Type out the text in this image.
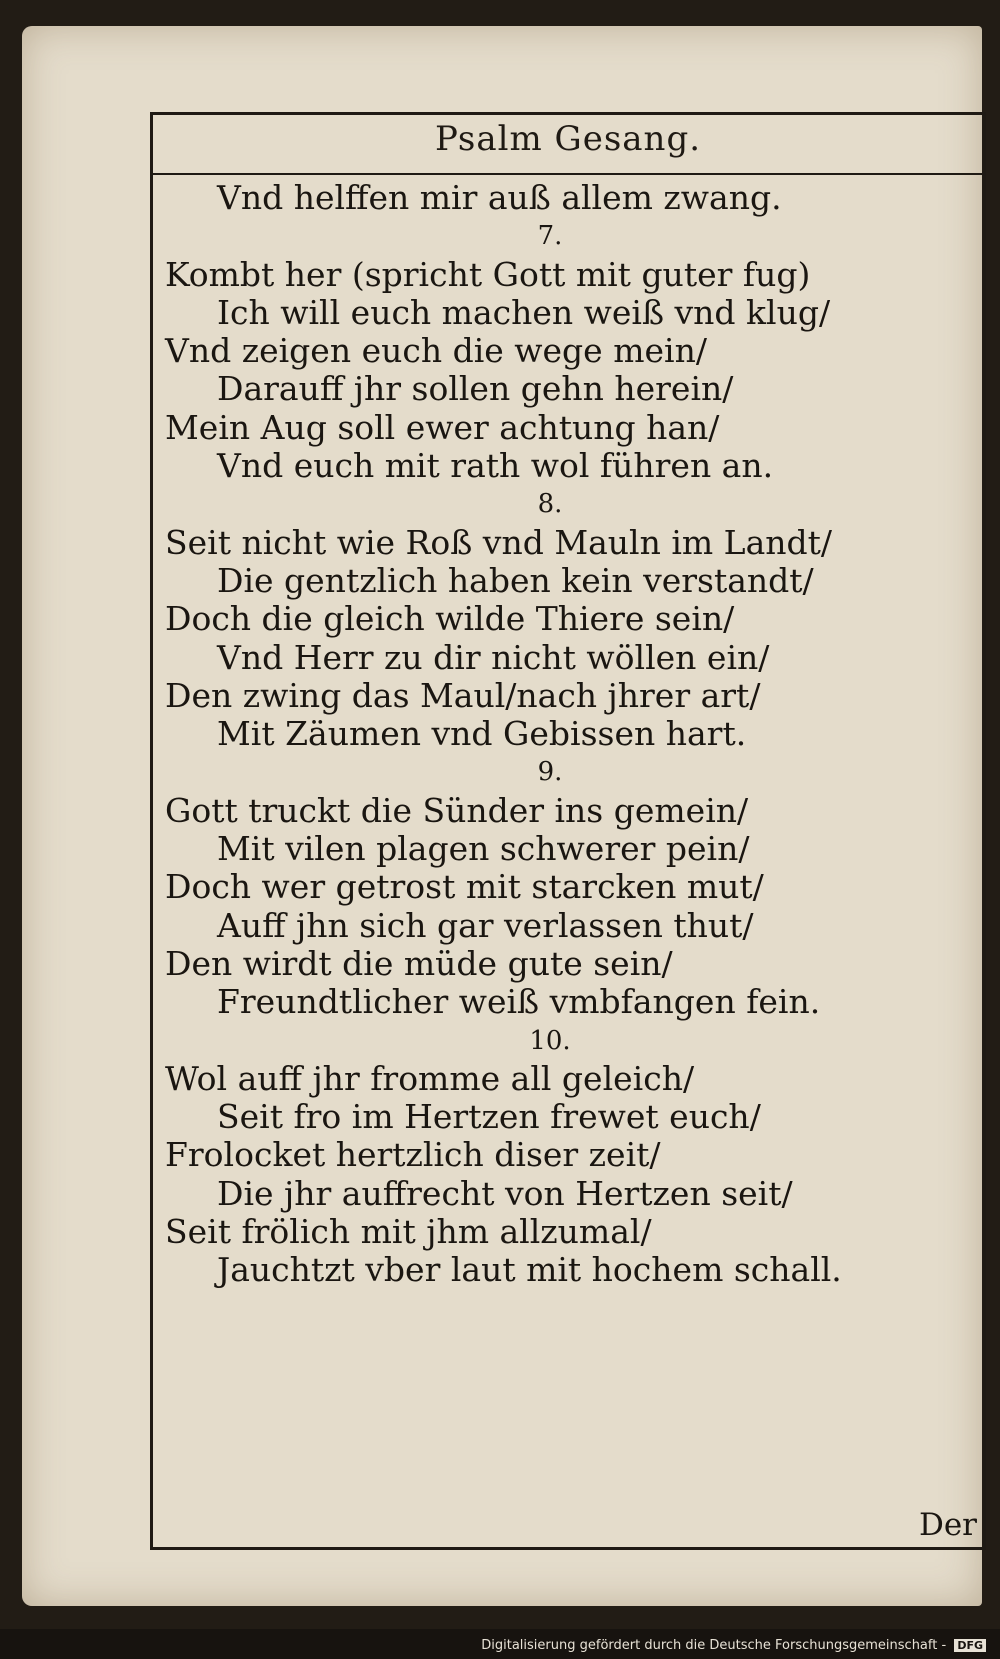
Psalm Gesang.
Vnd helffen mir auß allem zwang.
7.
Kombt her (spricht Gott mit guter fug)
Ich will euch machen weiß vnd klug/
Vnd zeigen euch die wege mein/
Darauff jhr sollen gehn herein/
Mein Aug soll ewer achtung han/
Vnd euch mit rath wol führen an.
8.
Seit nicht wie Roß vnd Mauln im Landt/
Die gentzlich haben kein verstandt/
Doch die gleich wilde Thiere sein/
Vnd Herr zu dir nicht wöllen ein/
Den zwing das Maul/nach jhrer art/
Mit Zäumen vnd Gebissen hart.
9.
Gott truckt die Sünder ins gemein/
Mit vilen plagen schwerer pein/
Doch wer getrost mit starcken mut/
Auff jhn sich gar verlassen thut/
Den wirdt die müde gute sein/
Freundtlicher weiß vmbfangen fein.
10.
Wol auff jhr fromme all geleich/
Seit fro im Hertzen frewet euch/
Frolocket hertzlich diser zeit/
Die jhr auffrecht von Hertzen seit/
Seit frölich mit jhm allzumal/
Jauchtzt vber laut mit hochem schall.
Der
Digitalisierung gefördert durch die Deutsche Forschungsgemeinschaft - DFG
